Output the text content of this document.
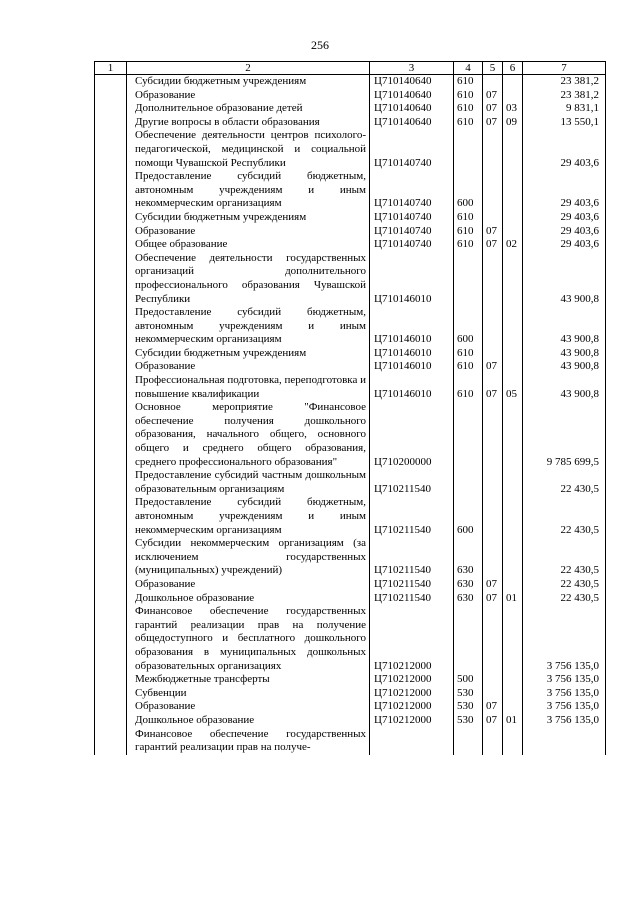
256
1	2	3	4	5	6	7
	Субсидии бюджетным учреждениям	Ц710140640	610			23 381,2
	Образование	Ц710140640	610	07		23 381,2
	Дополнительное образование детей	Ц710140640	610	07	03	9 831,1
	Другие вопросы в области образования	Ц710140640	610	07	09	13 550,1
	Обеспечение деятельности центров психолого-педагогической, медицинской и социальной помощи Чувашской Республики	Ц710140740				29 403,6
	Предоставление субсидий бюджетным, автономным учреждениям и иным некоммерческим организациям	Ц710140740	600			29 403,6
	Субсидии бюджетным учреждениям	Ц710140740	610			29 403,6
	Образование	Ц710140740	610	07		29 403,6
	Общее образование	Ц710140740	610	07	02	29 403,6
	Обеспечение деятельности государственных организаций дополнительного профессионального образования Чувашской Республики	Ц710146010				43 900,8
	Предоставление субсидий бюджетным, автономным учреждениям и иным некоммерческим организациям	Ц710146010	600			43 900,8
	Субсидии бюджетным учреждениям	Ц710146010	610			43 900,8
	Образование	Ц710146010	610	07		43 900,8
	Профессиональная подготовка, переподготовка и повышение квалификации	Ц710146010	610	07	05	43 900,8
	Основное мероприятие "Финансовое обеспечение получения дошкольного образования, начального общего, основного общего и среднего общего образования, среднего профессионального образования"	Ц710200000				9 785 699,5
	Предоставление субсидий частным дошкольным образовательным организациям	Ц710211540				22 430,5
	Предоставление субсидий бюджетным, автономным учреждениям и иным некоммерческим организациям	Ц710211540	600			22 430,5
	Субсидии некоммерческим организациям (за исключением государственных (муниципальных) учреждений)	Ц710211540	630			22 430,5
	Образование	Ц710211540	630	07		22 430,5
	Дошкольное образование	Ц710211540	630	07	01	22 430,5
	Финансовое обеспечение государственных гарантий реализации прав на получение общедоступного и бесплатного дошкольного образования в муниципальных дошкольных образовательных организациях	Ц710212000				3 756 135,0
	Межбюджетные трансферты	Ц710212000	500			3 756 135,0
	Субвенции	Ц710212000	530			3 756 135,0
	Образование	Ц710212000	530	07		3 756 135,0
	Дошкольное образование	Ц710212000	530	07	01	3 756 135,0
	Финансовое обеспечение государственных гарантий реализации прав на получе-					
